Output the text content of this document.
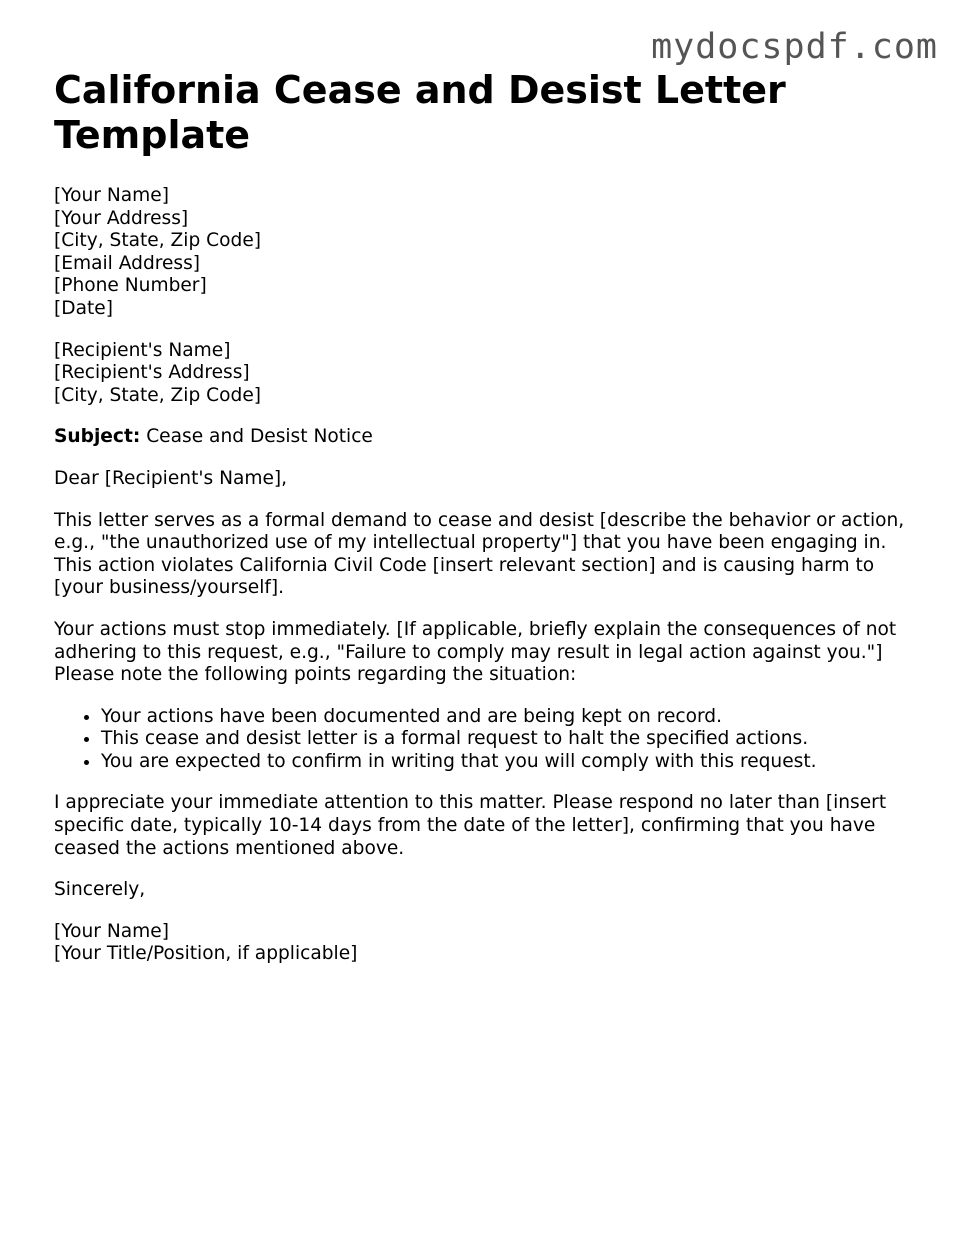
mydocspdf.com
California Cease and Desist Letter Template

[Your Name]

[Your Address]

[City, State, Zip Code]

[Email Address]

[Phone Number]

[Date]

[Recipient's Name]

[Recipient's Address]

[City, State, Zip Code]

Subject: Cease and Desist Notice

Dear [Recipient's Name],

This letter serves as a formal demand to cease and desist [describe the behavior or action, e.g., "the unauthorized use of my intellectual property"] that you have been engaging in. This action violates California Civil Code [insert relevant section] and is causing harm to [your business/yourself].

Your actions must stop immediately. [If applicable, briefly explain the consequences of not adhering to this request, e.g., "Failure to comply may result in legal action against you."] Please note the following points regarding the situation:

• Your actions have been documented and are being kept on record.
• This cease and desist letter is a formal request to halt the specified actions.
• You are expected to confirm in writing that you will comply with this request.

I appreciate your immediate attention to this matter. Please respond no later than [insert specific date, typically 10-14 days from the date of the letter], confirming that you have ceased the actions mentioned above.

Sincerely,

[Your Name]

[Your Title/Position, if applicable]
